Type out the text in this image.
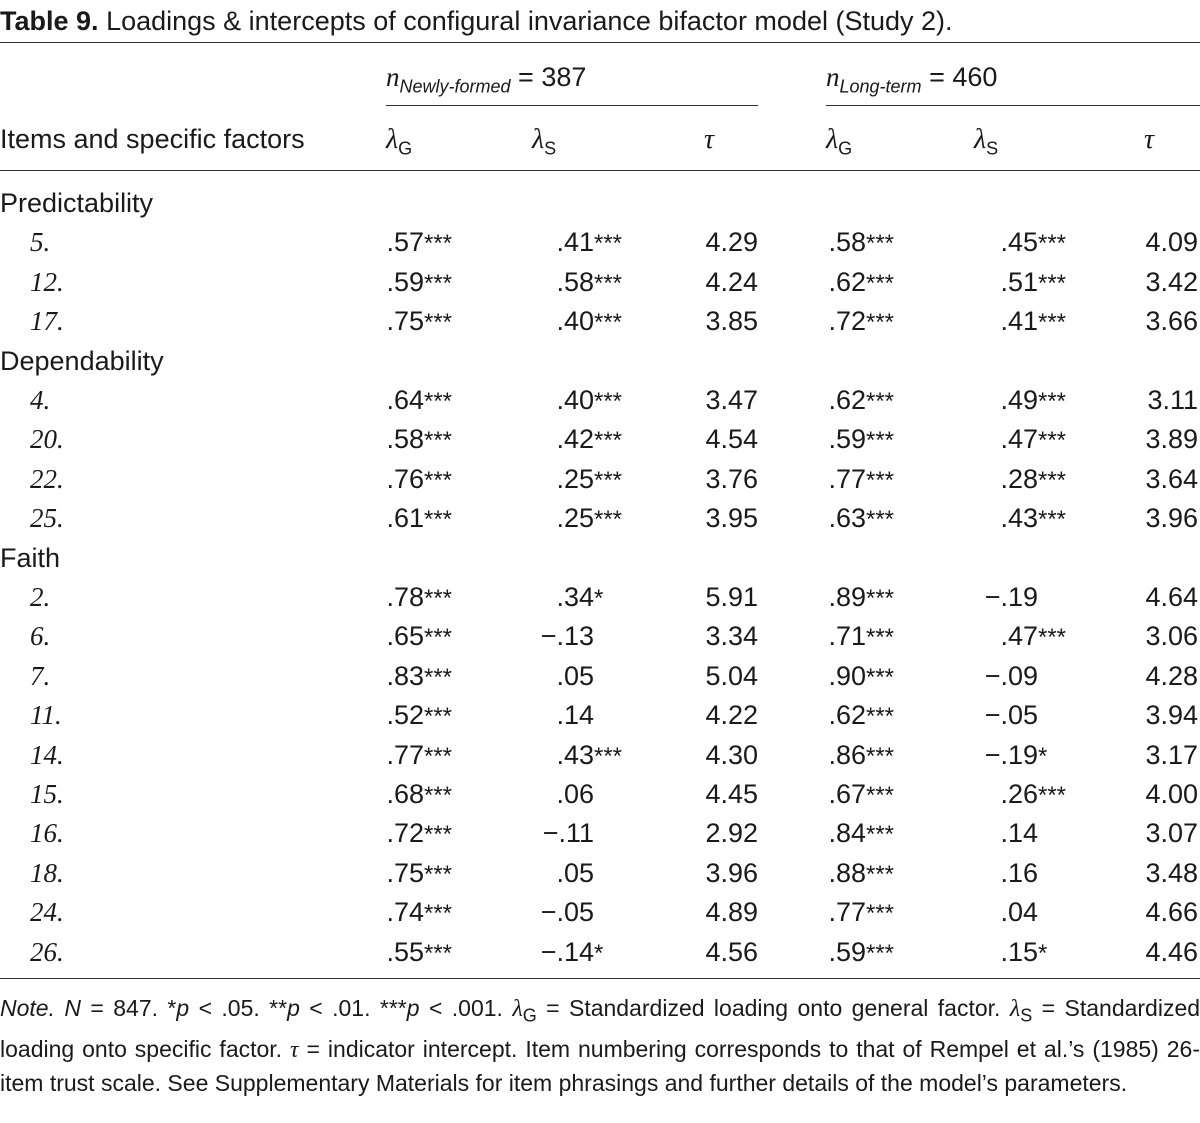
Table 9. Loadings & intercepts of configural invariance bifactor model (Study 2).
$n_{Newly-formed} = 387$	$n_{Long-term} = 460$
Items and specific factors	$\lambda_G$	$\lambda_S$	τ	$\lambda_G$	$\lambda_S$	τ
Predictability
5.	.57***	.41***	4.29	.58***	.45***	4.09
12.	.59***	.58***	4.24	.62***	.51***	3.42
17.	.75***	.40***	3.85	.72***	.41***	3.66
Dependability
4.	.64***	.40***	3.47	.62***	.49***	3.11
20.	.58***	.42***	4.54	.59***	.47***	3.89
22.	.76***	.25***	3.76	.77***	.28***	3.64
25.	.61***	.25***	3.95	.63***	.43***	3.96
Faith
2.	.78***	.34*	5.91	.89***	−.19	4.64
6.	.65***	−.13	3.34	.71***	.47***	3.06
7.	.83***	.05	5.04	.90***	−.09	4.28
11.	.52***	.14	4.22	.62***	−.05	3.94
14.	.77***	.43***	4.30	.86***	−.19*	3.17
15.	.68***	.06	4.45	.67***	.26***	4.00
16.	.72***	−.11	2.92	.84***	.14	3.07
18.	.75***	.05	3.96	.88***	.16	3.48
24.	.74***	−.05	4.89	.77***	.04	4.66
26.	.55***	−.14*	4.56	.59***	.15*	4.46
Note. N = 847. *p < .05. **p < .01. ***p < .001. $\lambda_G$ = Standardized loading onto general factor. $\lambda_S$ = Standardized loading onto specific factor. τ = indicator intercept. Item numbering corresponds to that of Rempel et al.’s (1985) 26-item trust scale. See Supplementary Materials for item phrasings and further details of the model’s parameters.
